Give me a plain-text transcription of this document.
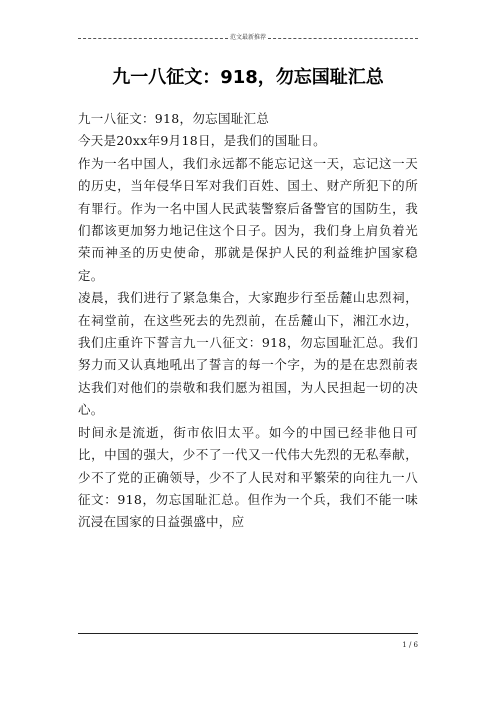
范文最新推荐
九一八征文：918，勿忘国耻汇总

九一八征文：918，勿忘国耻汇总

今天是20xx年9月18日，是我们的国耻日。

作为一名中国人，我们永远都不能忘记这一天，忘记这一天的历史，当年侵华日军对我们百姓、国土、财产所犯下的所有罪行。作为一名中国人民武装警察后备警官的国防生，我们都该更加努力地记住这个日子。因为，我们身上肩负着光荣而神圣的历史使命，那就是保护人民的利益维护国家稳定。

凌晨，我们进行了紧急集合，大家跑步行至岳麓山忠烈祠，在祠堂前，在这些死去的先烈前，在岳麓山下，湘江水边，我们庄重许下誓言九一八征文：918，勿忘国耻汇总。我们努力而又认真地吼出了誓言的每一个字，为的是在忠烈前表达我们对他们的崇敬和我们愿为祖国，为人民担起一切的决心。

时间永是流逝，街市依旧太平。如今的中国已经非他日可比，中国的强大，少不了一代又一代伟大先烈的无私奉献，少不了党的正确领导，少不了人民对和平繁荣的向往九一八征文：918，勿忘国耻汇总。但作为一个兵，我们不能一味沉浸在国家的日益强盛中，应

1 / 6
